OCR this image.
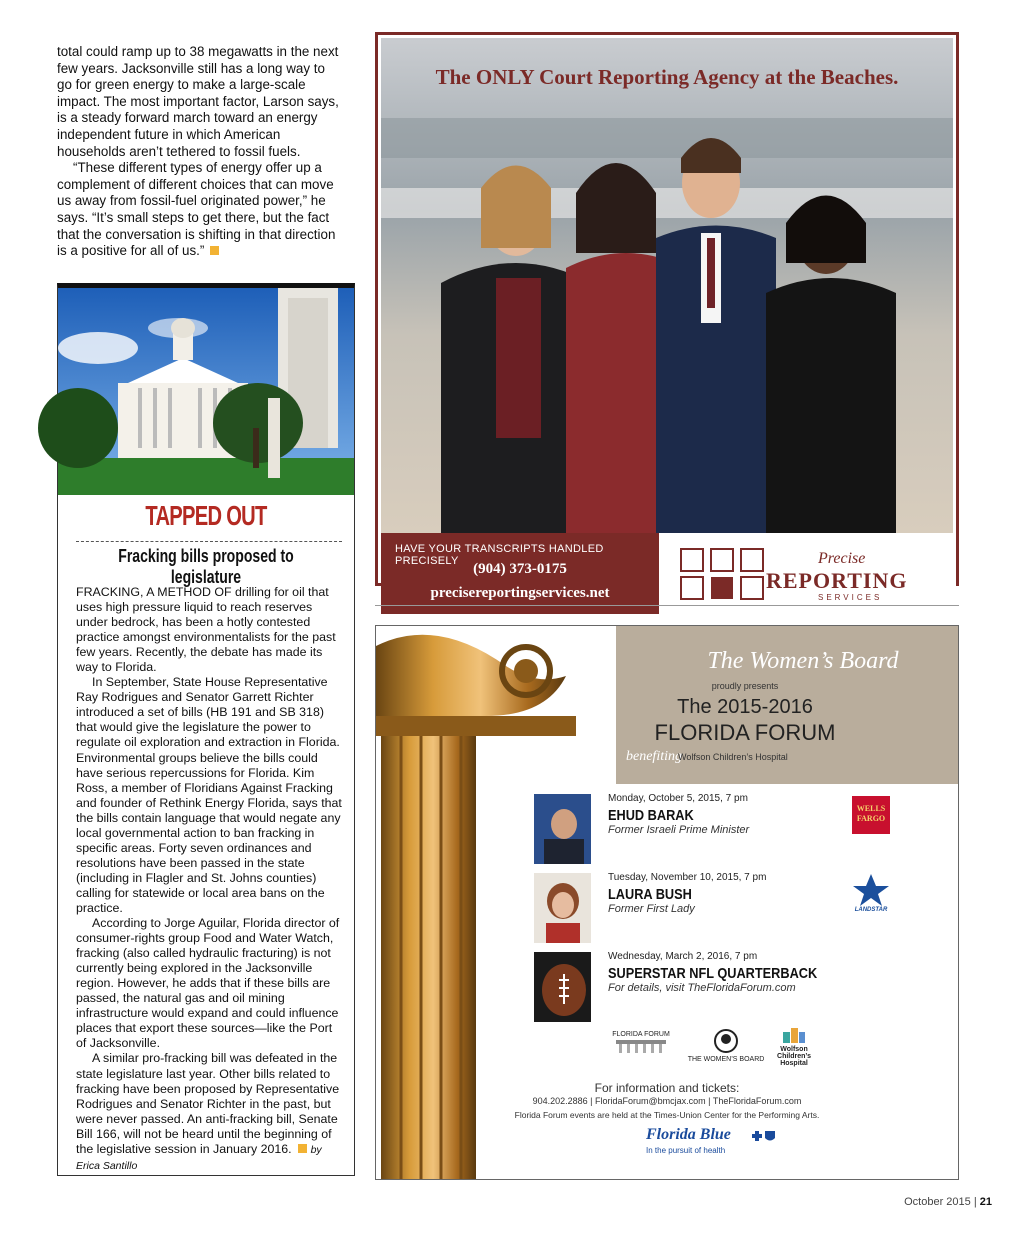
total could ramp up to 38 megawatts in the next few years. Jacksonville still has a long way to go for green energy to make a large-scale impact. The most important factor, Larson says, is a steady forward march toward an energy independent future in which American households aren’t tethered to fossil fuels.

“These different types of energy offer up a complement of different choices that can move us away from fossil-fuel originated power,” he says. “It’s small steps to get there, but the fact that the conversation is shifting in that direction is a positive for all of us.”

TAPPED OUT
Fracking bills proposed to legislature

FRACKING, A METHOD OF drilling for oil that uses high pressure liquid to reach reserves under bedrock, has been a hotly contested practice amongst environmentalists for the past few years. Recently, the debate has made its way to Florida.

In September, State House Representative Ray Rodrigues and Senator Garrett Richter introduced a set of bills (HB 191 and SB 318) that would give the legislature the power to regulate oil exploration and extraction in Florida. Environmental groups believe the bills could have serious repercussions for Florida. Kim Ross, a member of Floridians Against Fracking and founder of Rethink Energy Florida, says that the bills contain language that would negate any local governmental action to ban fracking in specific areas. Forty seven ordinances and resolutions have been passed in the state (including in Flagler and St. Johns counties) calling for statewide or local area bans on the practice.

According to Jorge Aguilar, Florida director of consumer-rights group Food and Water Watch, fracking (also called hydraulic fracturing) is not currently being explored in the Jacksonville region. However, he adds that if these bills are passed, the natural gas and oil mining infrastructure would expand and could influence places that export these sources—like the Port of Jacksonville.

A similar pro-fracking bill was defeated in the state legislature last year. Other bills related to fracking have been proposed by Representative Rodrigues and Senator Richter in the past, but were never passed. An anti-fracking bill, Senate Bill 166, will not be heard until the beginning of the legislative session in January 2016. by Erica Santillo

The ONLY Court Reporting Agency at the Beaches.
HAVE YOUR TRANSCRIPTS HANDLED PRECISELY (904) 373-0175
precisereportingservices.net
Precise
REPORTING
SERVICES
The Women’s Board
proudly presents
The 2015-2016
FLORIDA FORUM
benefiting
Wolfson Children’s Hospital
Monday, October 5, 2015, 7 pm
EHUD BARAK
Former Israeli Prime Minister
Tuesday, November 10, 2015, 7 pm
LAURA BUSH
Former First Lady
Wednesday, March 2, 2016, 7 pm
SUPERSTAR NFL QUARTERBACK
For details, visit TheFloridaForum.com
WELLS FARGO
LANDSTAR
FLORIDA FORUM
THE WOMEN’S BOARD
Wolfson Children’s Hospital
For information and tickets:
904.202.2886 | FloridaForum@bmcjax.com | TheFloridaForum.com
Florida Forum events are held at the Times-Union Center for the Performing Arts.
Florida Blue
In the pursuit of health
October 2015 | 21
